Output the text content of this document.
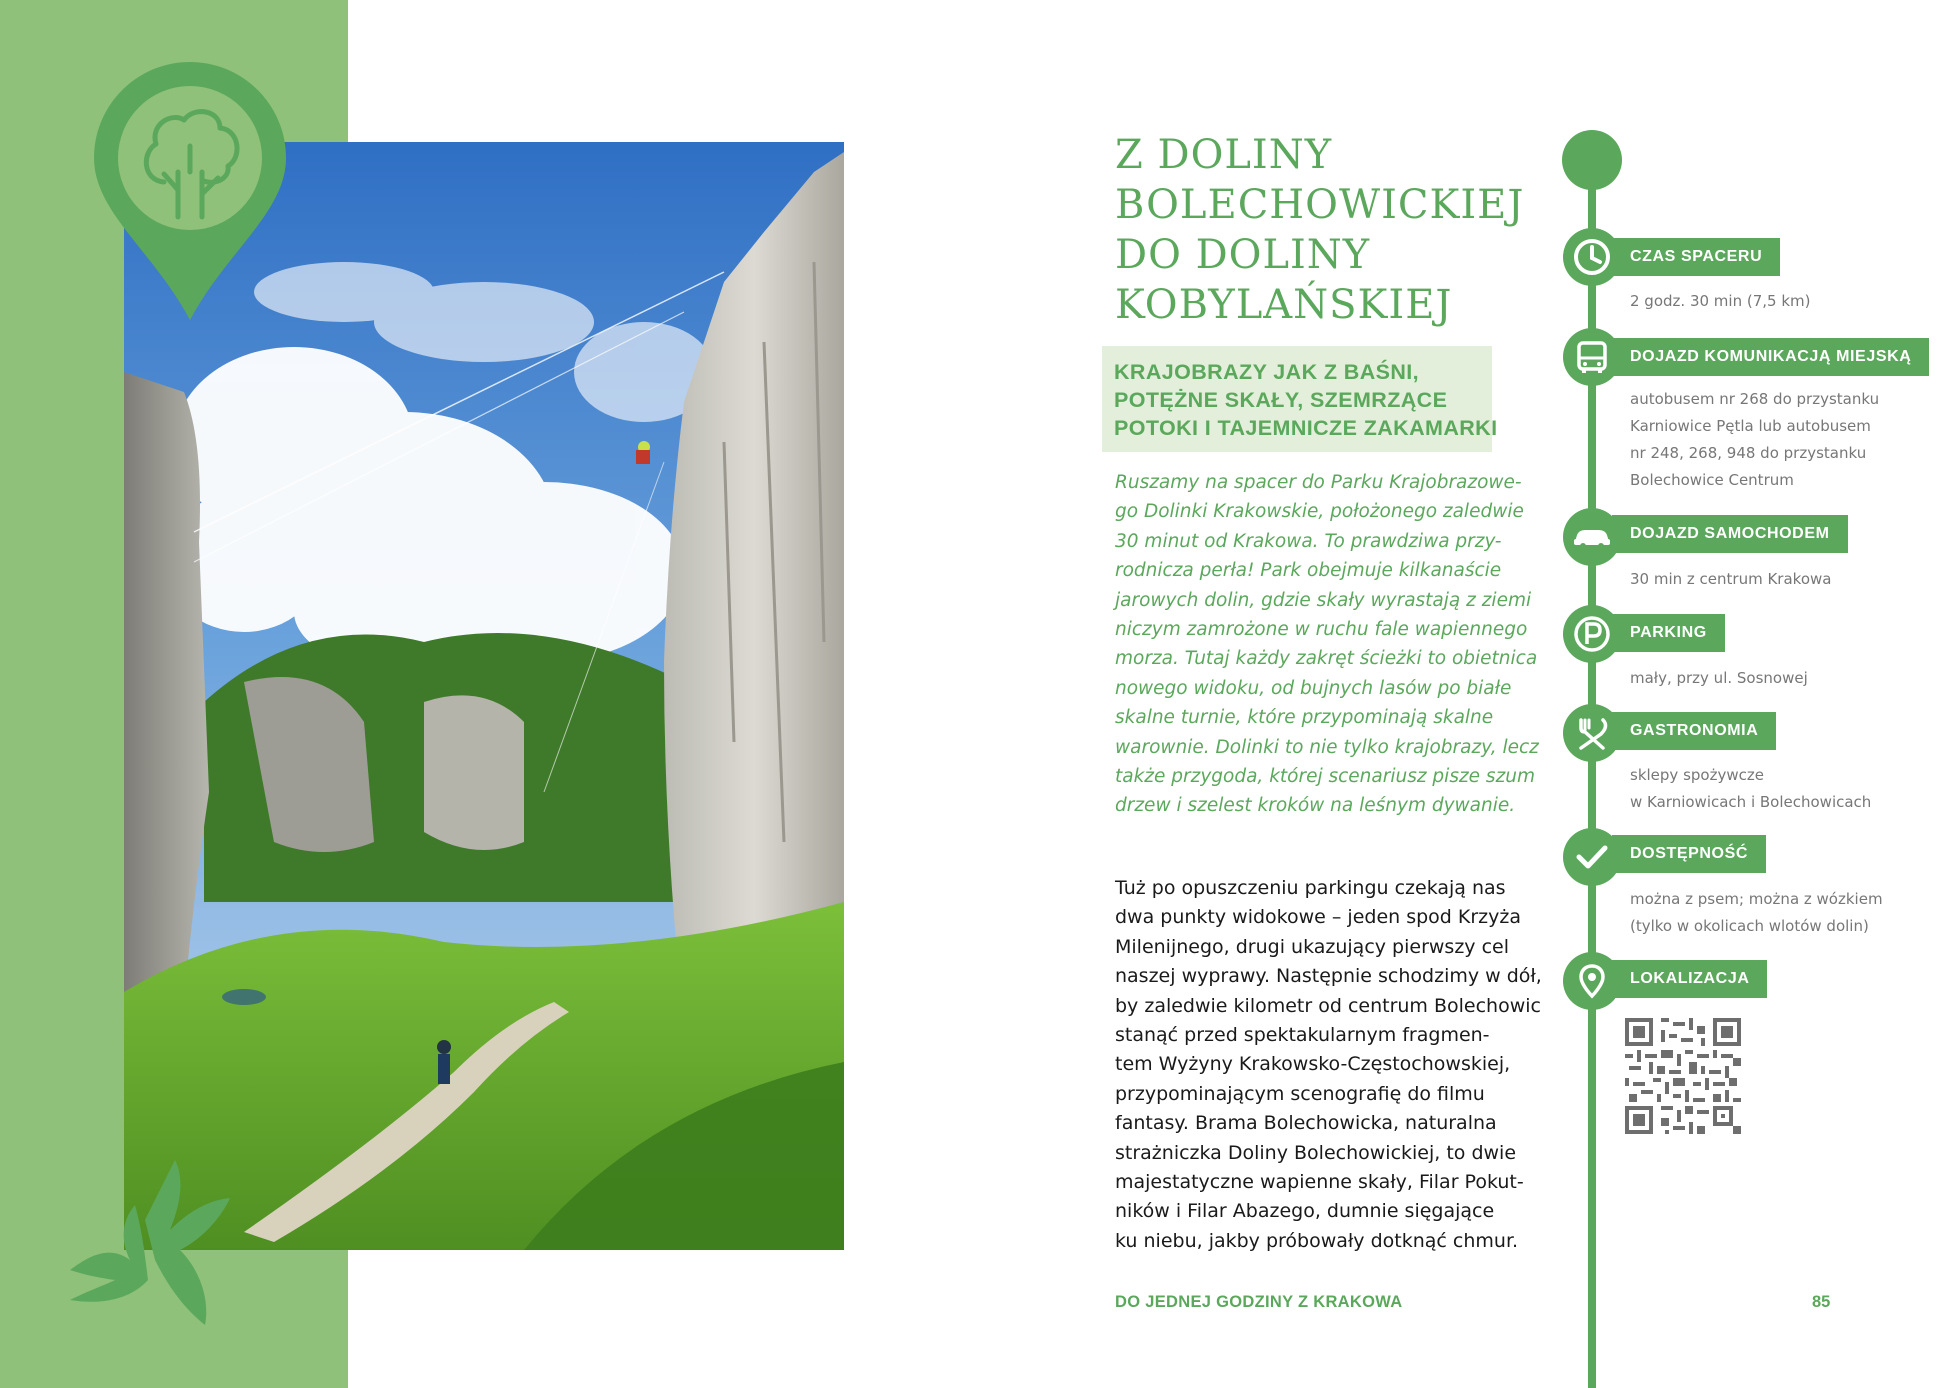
Z DOLINY
BOLECHOWICKIEJ
DO DOLINY
KOBYLAŃSKIEJ
KRAJOBRAZY JAK Z BAŚNI,
POTĘŻNE SKAŁY, SZEMRZĄCE
POTOKI I TAJEMNICZE ZAKAMARKI
Ruszamy na spacer do Parku Krajobrazowe-
go Dolinki Krakowskie, położonego zaledwie
30 minut od Krakowa. To prawdziwa przy-
rodnicza perła! Park obejmuje kilkanaście
jarowych dolin, gdzie skały wyrastają z ziemi
niczym zamrożone w ruchu fale wapiennego
morza. Tutaj każdy zakręt ścieżki to obietnica
nowego widoku, od bujnych lasów po białe
skalne turnie, które przypominają skalne
warownie. Dolinki to nie tylko krajobrazy, lecz
także przygoda, której scenariusz pisze szum
drzew i szelest kroków na leśnym dywanie.
Tuż po opuszczeniu parkingu czekają nas
dwa punkty widokowe – jeden spod Krzyża
Milenijnego, drugi ukazujący pierwszy cel
naszej wyprawy. Następnie schodzimy w dół,
by zaledwie kilometr od centrum Bolechowic
stanąć przed spektakularnym fragmen-
tem Wyżyny Krakowsko-Częstochowskiej,
przypominającym scenografię do filmu
fantasy. Brama Bolechowicka, naturalna
strażniczka Doliny Bolechowickiej, to dwie
majestatyczne wapienne skały, Filar Pokut-
ników i Filar Abazego, dumnie sięgające
ku niebu, jakby próbowały dotknąć chmur.
DO JEDNEJ GODZINY Z KRAKOWA	85
CZAS SPACERU
2 godz. 30 min (7,5 km)
DOJAZD KOMUNIKACJĄ MIEJSKĄ
autobusem nr 268 do przystanku
Karniowice Pętla lub autobusem
nr 248, 268, 948 do przystanku
Bolechowice Centrum
DOJAZD SAMOCHODEM
30 min z centrum Krakowa
PARKING
mały, przy ul. Sosnowej
GASTRONOMIA
sklepy spożywcze
w Karniowicach i Bolechowicach
DOSTĘPNOŚĆ
można z psem; można z wózkiem
(tylko w okolicach wlotów dolin)
LOKALIZACJA
